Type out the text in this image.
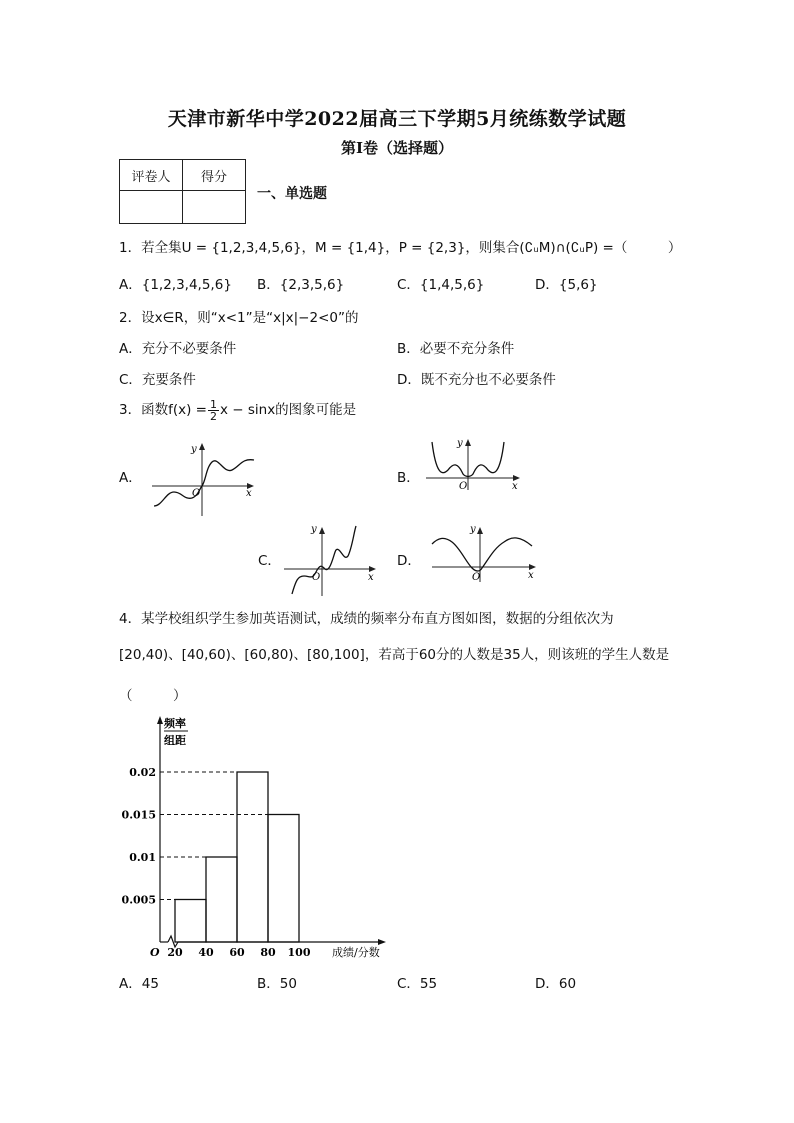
天津市新华中学2022届高三下学期5月统练数学试题
第I卷（选择题）
评卷人	得分

一、单选题
1．若全集U = {1,2,3,4,5,6}，M = {1,4}，P = {2,3}，则集合(∁ᵤM)∩(∁ᵤP) =（　　　）
A．{1,2,3,4,5,6} B．{2,3,5,6}	C．{1,4,5,6}	D．{5,6}
2．设x∈R，则“x<1”是“x|x|−2<0”的
A．充分不必要条件	B．必要不充分条件
C．充要条件	D．既不充分也不必要条件
3．函数$f(x) = \frac{1}{2}$ x − sinx的图象可能是
A．	B．
C．	D．
y
x
O
y
x
O
y
x
O
y
x
O
4．某学校组织学生参加英语测试，成绩的频率分布直方图如图，数据的分组依次为
[20,40)、[40,60)、[60,80)、[80,100]，若高于60分的人数是35人，则该班的学生人数是
（　　　）
频率
组距
0.005
0.01
0.015
0.02
20 40 60 80 100
O	成绩/分数
A．45	B．50	C．55	D．60
